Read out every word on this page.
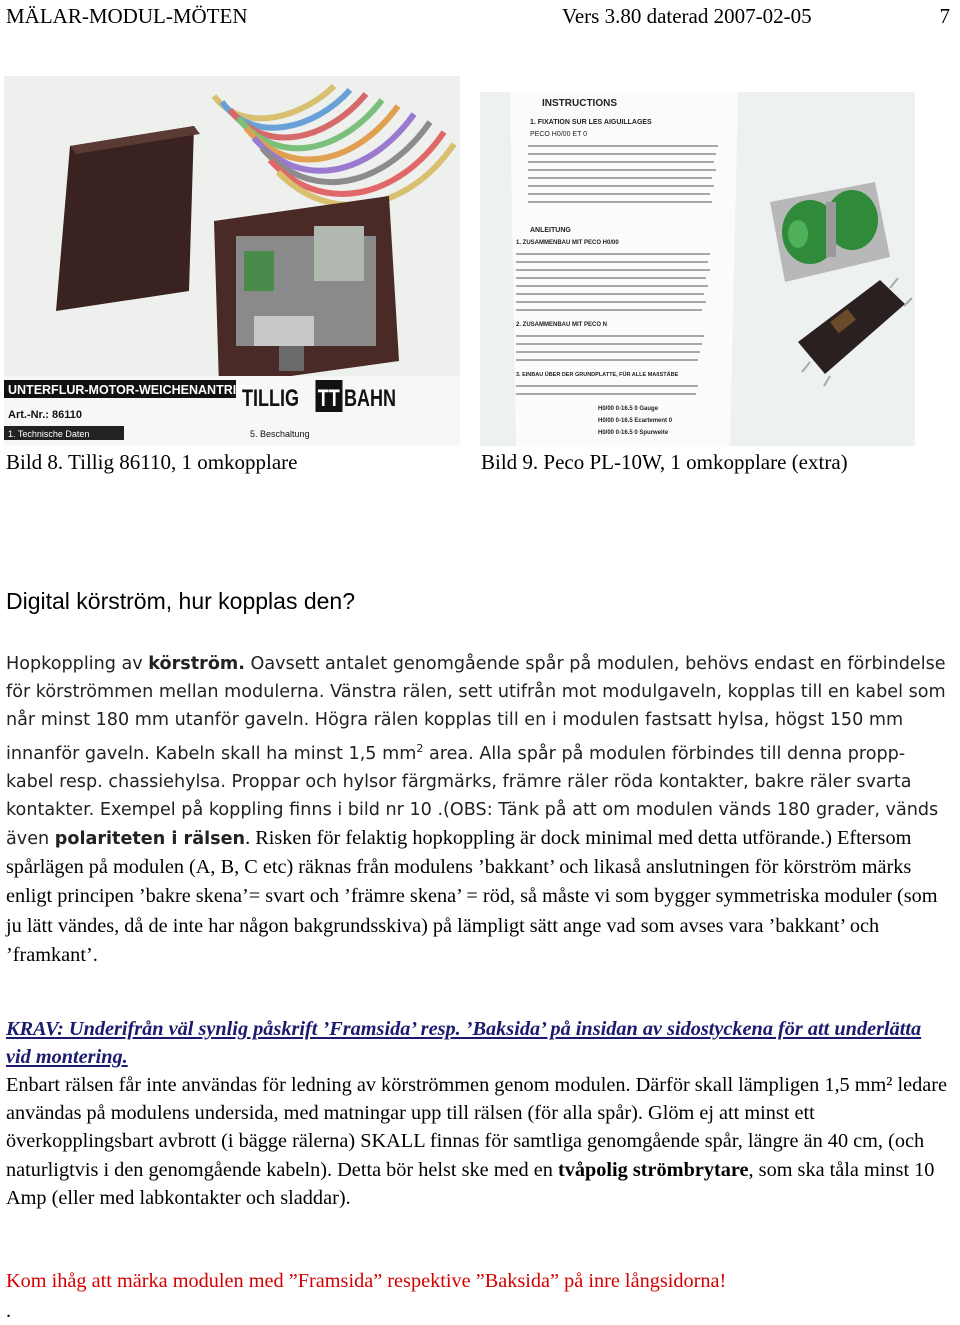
MÄLAR-MODUL-MÖTEN	Vers 3.80 daterad 2007-02-05	7
UNTERFLUR-MOTOR-WEICHENANTRIEB
TILLIG TT BAHN
Art.-Nr.: 86110
1. Technische Daten	5. Beschaltung
INSTRUCTIONS
1. FIXATION SUR LES AIGUILLAGES
PECO H0/00 ET 0
ANLEITUNG
1. ZUSAMMENBAU MIT PECO H0/00
2. ZUSAMMENBAU MIT PECO N
3. EINBAU ÜBER DER GRUNDPLATTE, FÜR ALLE MAßSTÄBE
H0/00 0-16.5 0 Gauge
H0/00 0-16.5 Ecartement 0
H0/00 0-16.5 0 Spurweite
Bild 8. Tillig 86110, 1 omkopplare	Bild 9. Peco PL-10W, 1 omkopplare (extra)
Digital körström, hur kopplas den?

Hopkoppling av körström. Oavsett antalet genomgående spår på modulen, behövs endast en förbindelse för körströmmen mellan modulerna. Vänstra rälen, sett utifrån mot modulgaveln, kopplas till en kabel som når minst 180 mm utanför gaveln. Högra rälen kopplas till en i modulen fastsatt hylsa, högst 150 mm innanför gaveln. Kabeln skall ha minst 1,5 $mm^2$ area. Alla spår på modulen förbindes till denna propp-kabel resp. chassiehylsa. Proppar och hylsor färgmärks, främre räler röda kontakter, bakre räler svarta kontakter. Exempel på koppling finns i bild nr 10 .(OBS: Tänk på att om modulen vänds 180 grader, vänds även polariteten i rälsen. Risken för felaktig hopkoppling är dock minimal med detta utförande.) Eftersom spårlägen på modulen (A, B, C etc) räknas från modulens ’bakkant’ och likaså anslutningen för körström märks enligt principen ’bakre skena’= svart och ’främre skena’ = röd, så måste vi som bygger symmetriska moduler (som ju lätt vändes, då de inte har någon bakgrundsskiva) på lämpligt sätt ange vad som avses vara ’bakkant’ och ’framkant’.

KRAV: Underifrån väl synlig påskrift ’Framsida’ resp. ’Baksida’ på insidan av sidostyckena för att underlätta vid montering.

Enbart rälsen får inte användas för ledning av körströmmen genom modulen. Därför skall lämpligen 1,5 mm² ledare användas på modulens undersida, med matningar upp till rälsen (för alla spår). Glöm ej att minst ett överkopplingsbart avbrott (i bägge rälerna) SKALL finnas för samtliga genomgående spår, längre än 40 cm, (och naturligtvis i den genomgående kabeln). Detta bör helst ske med en tvåpolig strömbrytare, som ska tåla minst 10 Amp (eller med labkontakter och sladdar).

Kom ihåg att märka modulen med ”Framsida” respektive ”Baksida” på inre långsidorna!

.
